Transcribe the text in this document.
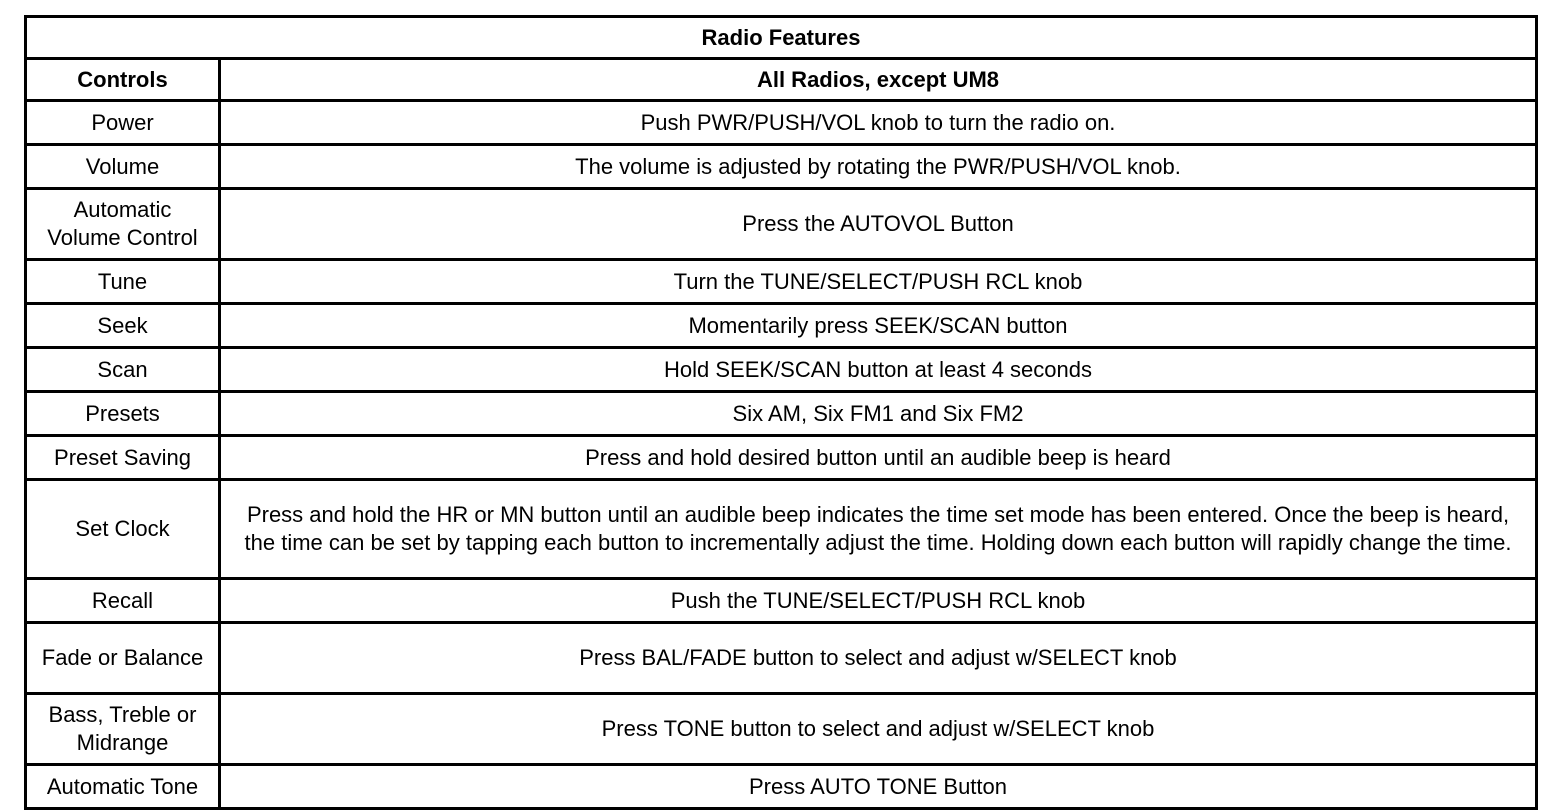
Radio Features	
Controls	All Radios, except UM8
Power	Push PWR/PUSH/VOL knob to turn the radio on.
Volume	The volume is adjusted by rotating the PWR/PUSH/VOL knob.
Automatic Volume Control	Press the AUTOVOL Button
Tune	Turn the TUNE/SELECT/PUSH RCL knob
Seek	Momentarily press SEEK/SCAN button
Scan	Hold SEEK/SCAN button at least 4 seconds
Presets	Six AM, Six FM1 and Six FM2
Preset Saving	Press and hold desired button until an audible beep is heard
Set Clock	Press and hold the HR or MN button until an audible beep indicates the time set mode has been entered. Once the beep is heard, the time can be set by tapping each button to incrementally adjust the time. Holding down each button will rapidly change the time.
Recall	Push the TUNE/SELECT/PUSH RCL knob
Fade or Balance	Press BAL/FADE button to select and adjust w/SELECT knob
Bass, Treble or Midrange	Press TONE button to select and adjust w/SELECT knob
Automatic Tone	Press AUTO TONE Button
